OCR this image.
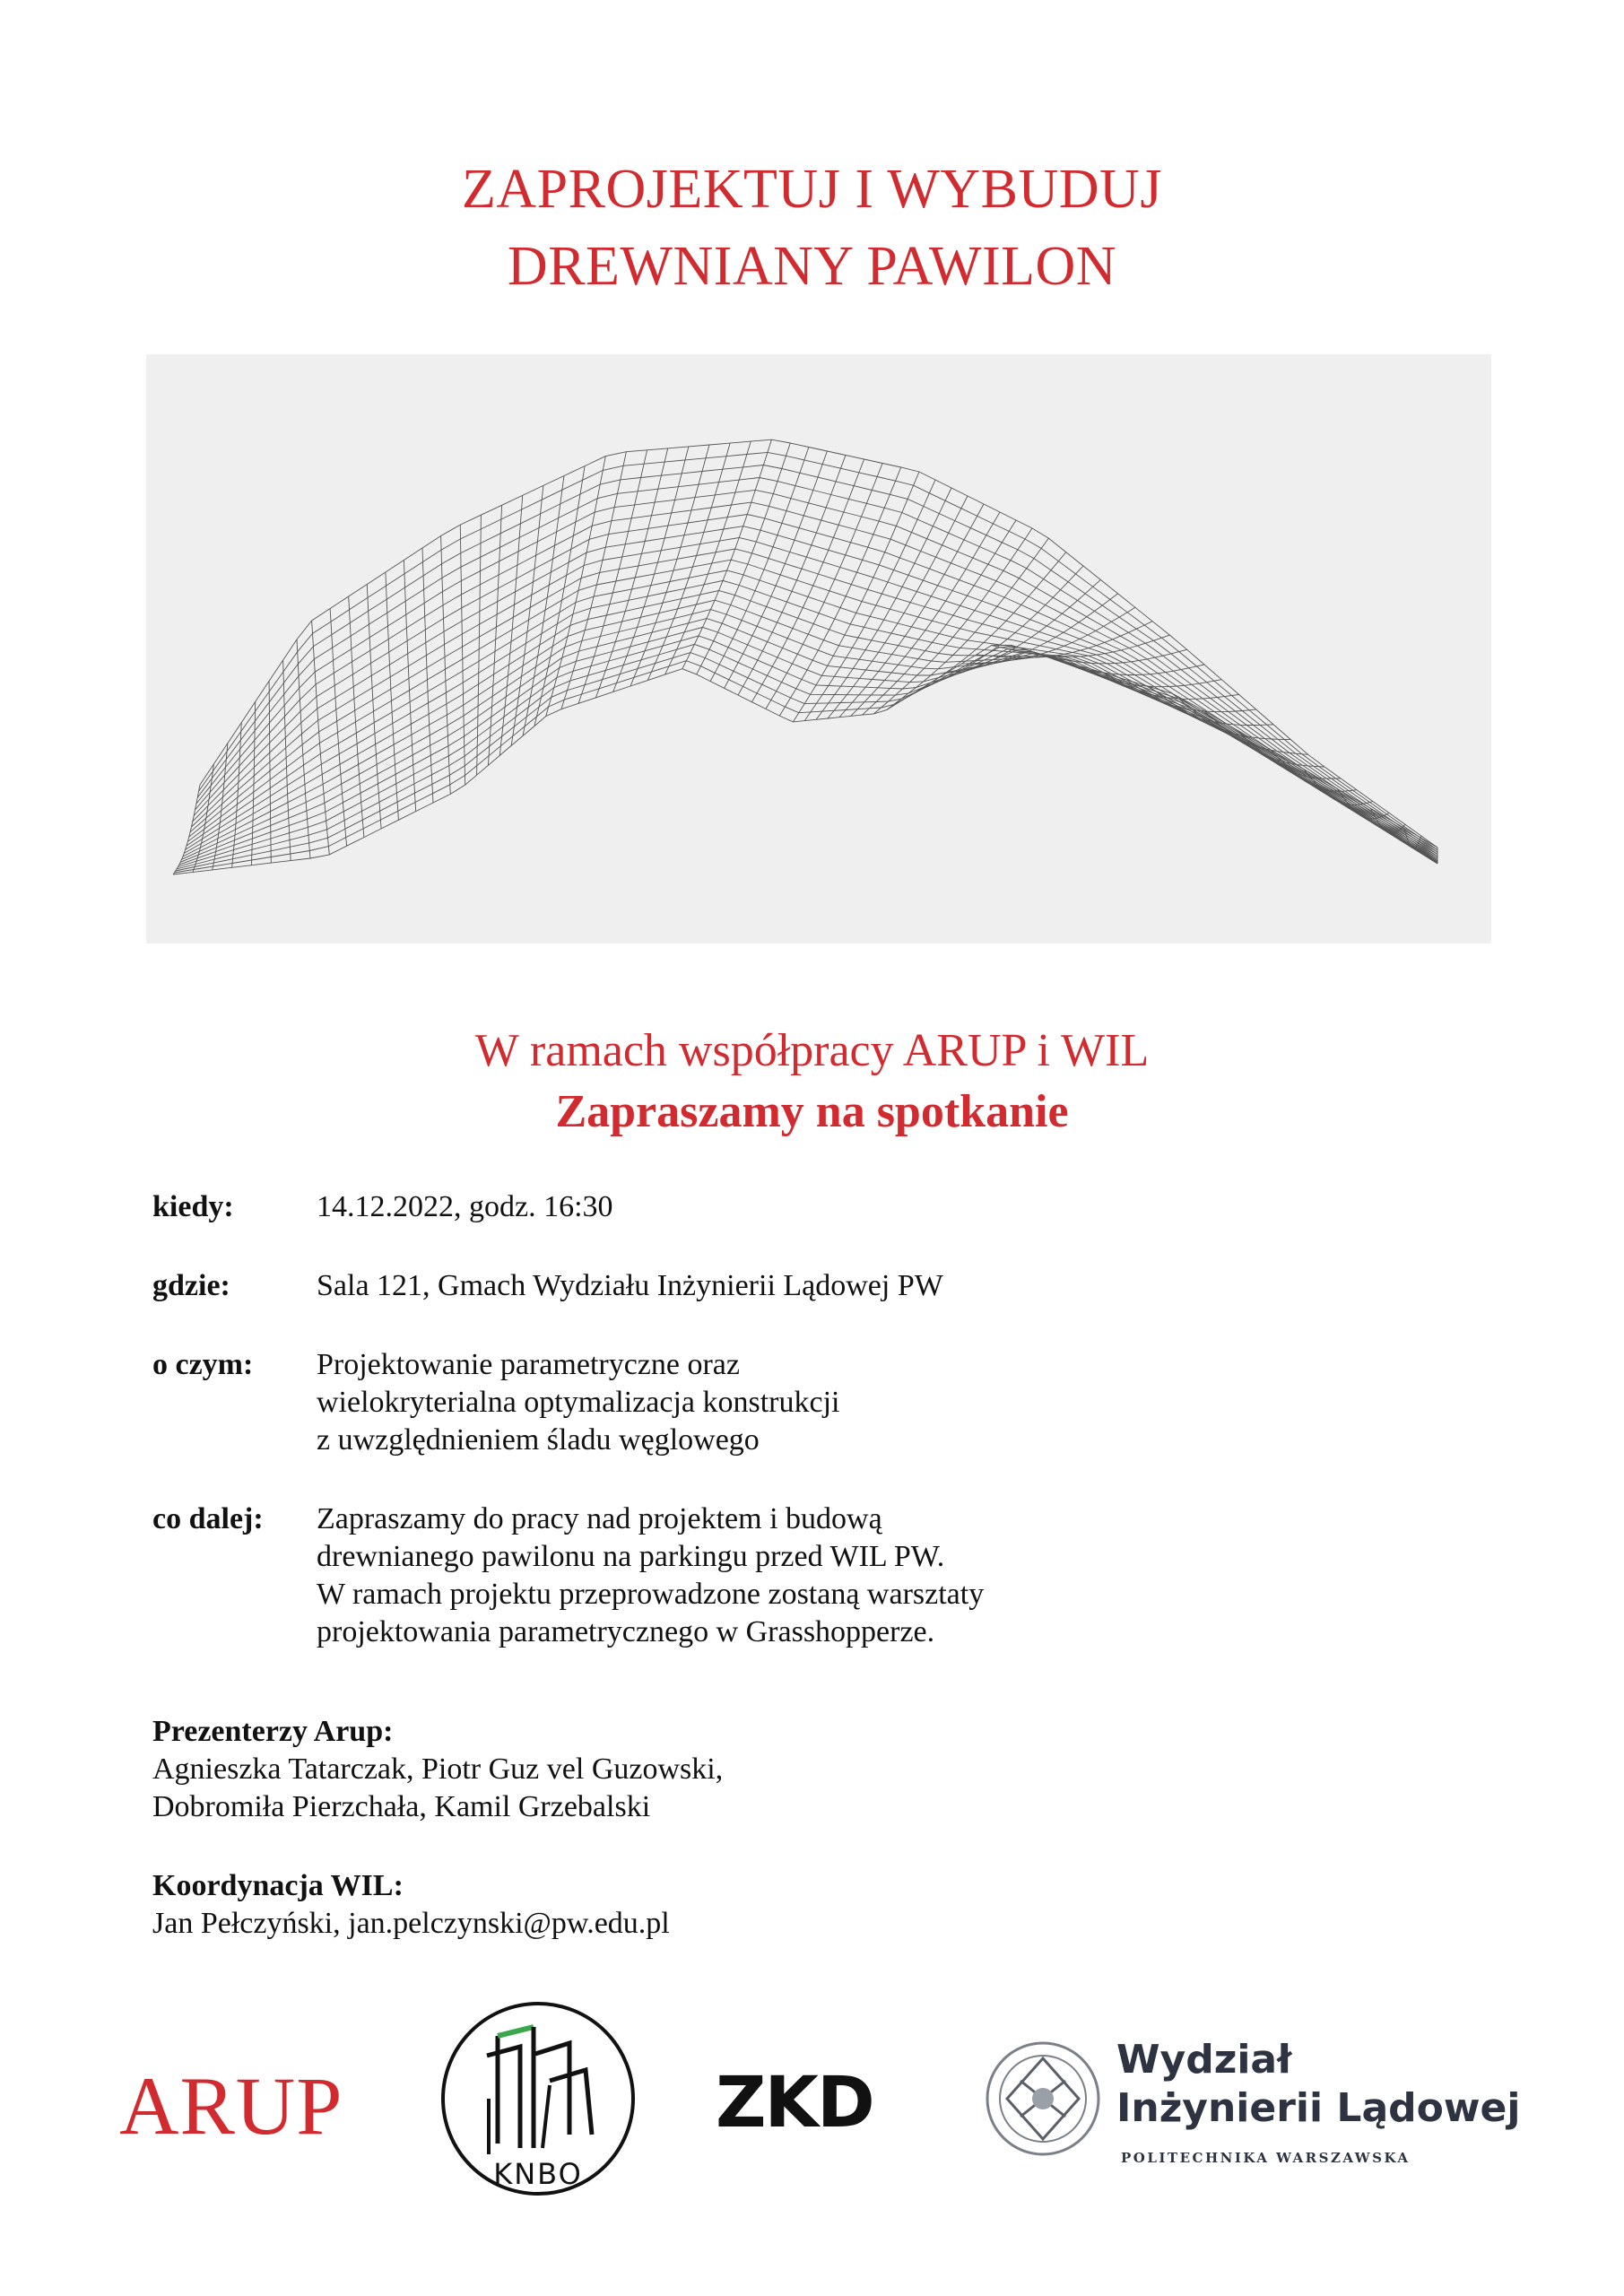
ZAPROJEKTUJ I WYBUDUJ
DREWNIANY PAWILON
W ramach współpracy ARUP i WIL
Zapraszamy na spotkanie
kiedy:	14.12.2022, godz. 16:30
gdzie:	Sala 121, Gmach Wydziału Inżynierii Lądowej PW
o czym: Projektowanie parametryczne oraz
wielokryterialna optymalizacja konstrukcji
z uwzględnieniem śladu węglowego
co dalej: Zapraszamy do pracy nad projektem i budową
drewnianego pawilonu na parkingu przed WIL PW.
W ramach projektu przeprowadzone zostaną warsztaty
projektowania parametrycznego w Grasshopperze.
Prezenterzy Arup:
Agnieszka Tatarczak, Piotr Guz vel Guzowski,
Dobromiła Pierzchała, Kamil Grzebalski
Koordynacja WIL:
Jan Pełczyński, jan.pelczynski@pw.edu.pl
ARUP
KNBO
ZKD
Wydział
Inżynierii Lądowej
POLITECHNIKA WARSZAWSKA
